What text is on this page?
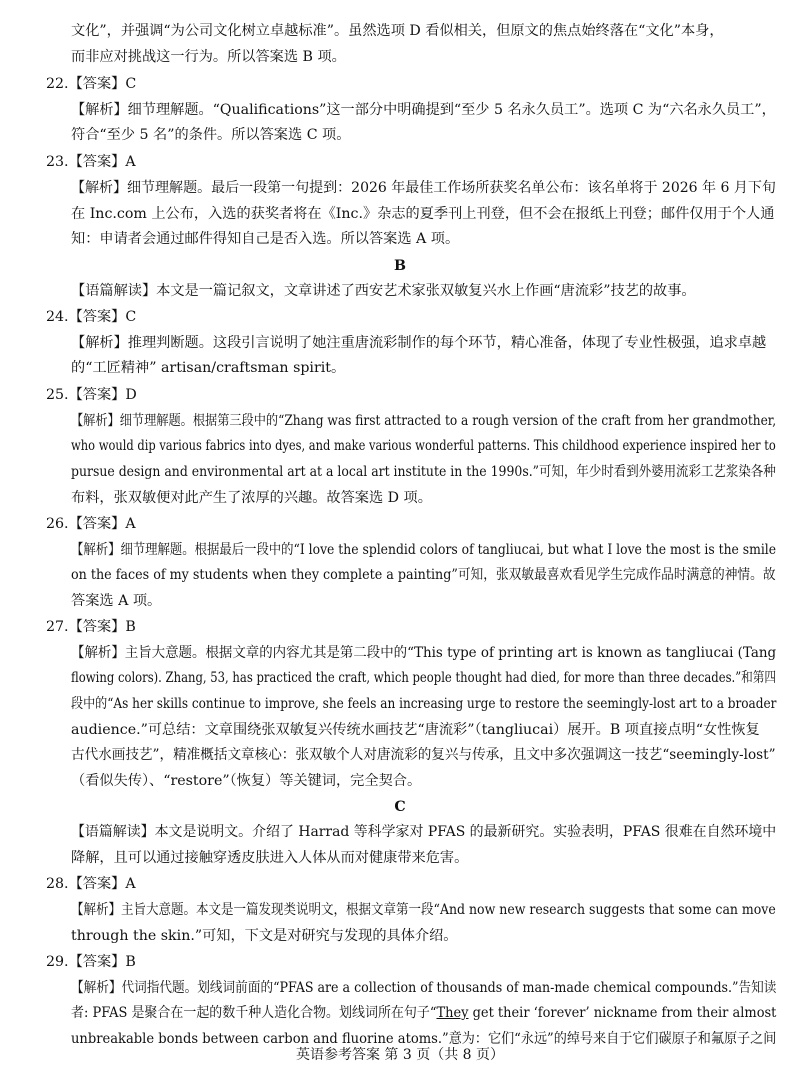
文化”，并强调“为公司文化树立卓越标准”。虽然选项 D 看似相关，但原文的焦点始终落在“文化”本身，
而非应对挑战这一行为。所以答案选 B 项。
22.【答案】C
【解析】细节理解题。“Qualifications”这一部分中明确提到“至少 5 名永久员工”。选项 C 为“六名永久员工”，
符合“至少 5 名”的条件。所以答案选 C 项。
23.【答案】A
【解析】细节理解题。最后一段第一句提到：2026 年最佳工作场所获奖名单公布：该名单将于 2026 年 6 月下旬
在 Inc.com 上公布，入选的获奖者将在《Inc.》杂志的夏季刊上刊登，但不会在报纸上刊登；邮件仅用于个人通
知：申请者会通过邮件得知自己是否入选。所以答案选 A 项。
B
【语篇解读】本文是一篇记叙文，文章讲述了西安艺术家张双敏复兴水上作画“唐流彩”技艺的故事。
24.【答案】C
【解析】推理判断题。这段引言说明了她注重唐流彩制作的每个环节，精心准备，体现了专业性极强，追求卓越
的“工匠精神” artisan/craftsman spirit。
25.【答案】D
【解析】细节理解题。根据第三段中的“Zhang was first attracted to a rough version of the craft from her grandmother,
who would dip various fabrics into dyes, and make various wonderful patterns. This childhood experience inspired her to
pursue design and environmental art at a local art institute in the 1990s.”可知，年少时看到外婆用流彩工艺浆染各种
布料，张双敏便对此产生了浓厚的兴趣。故答案选 D 项。
26.【答案】A
【解析】细节理解题。根据最后一段中的“I love the splendid colors of tangliucai, but what I love the most is the smile
on the faces of my students when they complete a painting”可知，张双敏最喜欢看见学生完成作品时满意的神情。故
答案选 A 项。
27.【答案】B
【解析】主旨大意题。根据文章的内容尤其是第二段中的“This type of printing art is known as tangliucai (Tang
flowing colors). Zhang, 53, has practiced the craft, which people thought had died, for more than three decades.”和第四
段中的“As her skills continue to improve, she feels an increasing urge to restore the seemingly-lost art to a broader
audience.”可总结：文章围绕张双敏复兴传统水画技艺“唐流彩”（tangliucai）展开。B 项直接点明“女性恢复
古代水画技艺”，精准概括文章核心：张双敏个人对唐流彩的复兴与传承，且文中多次强调这一技艺“seemingly-lost”
（看似失传）、“restore”（恢复）等关键词，完全契合。
C
【语篇解读】本文是说明文。介绍了 Harrad 等科学家对 PFAS 的最新研究。实验表明，PFAS 很难在自然环境中
降解，且可以通过接触穿透皮肤进入人体从而对健康带来危害。
28.【答案】A
【解析】主旨大意题。本文是一篇发现类说明文，根据文章第一段“And now new research suggests that some can move
through the skin.”可知，下文是对研究与发现的具体介绍。
29.【答案】B
【解析】代词指代题。划线词前面的“PFAS are a collection of thousands of man-made chemical compounds.”告知读
者: PFAS 是聚合在一起的数千种人造化合物。划线词所在句子“They get their ‘forever’ nickname from their almost
unbreakable bonds between carbon and fluorine atoms.”意为：它们“永远”的绰号来自于它们碳原子和氟原子之间
英语参考答案 第 3 页（共 8 页）
